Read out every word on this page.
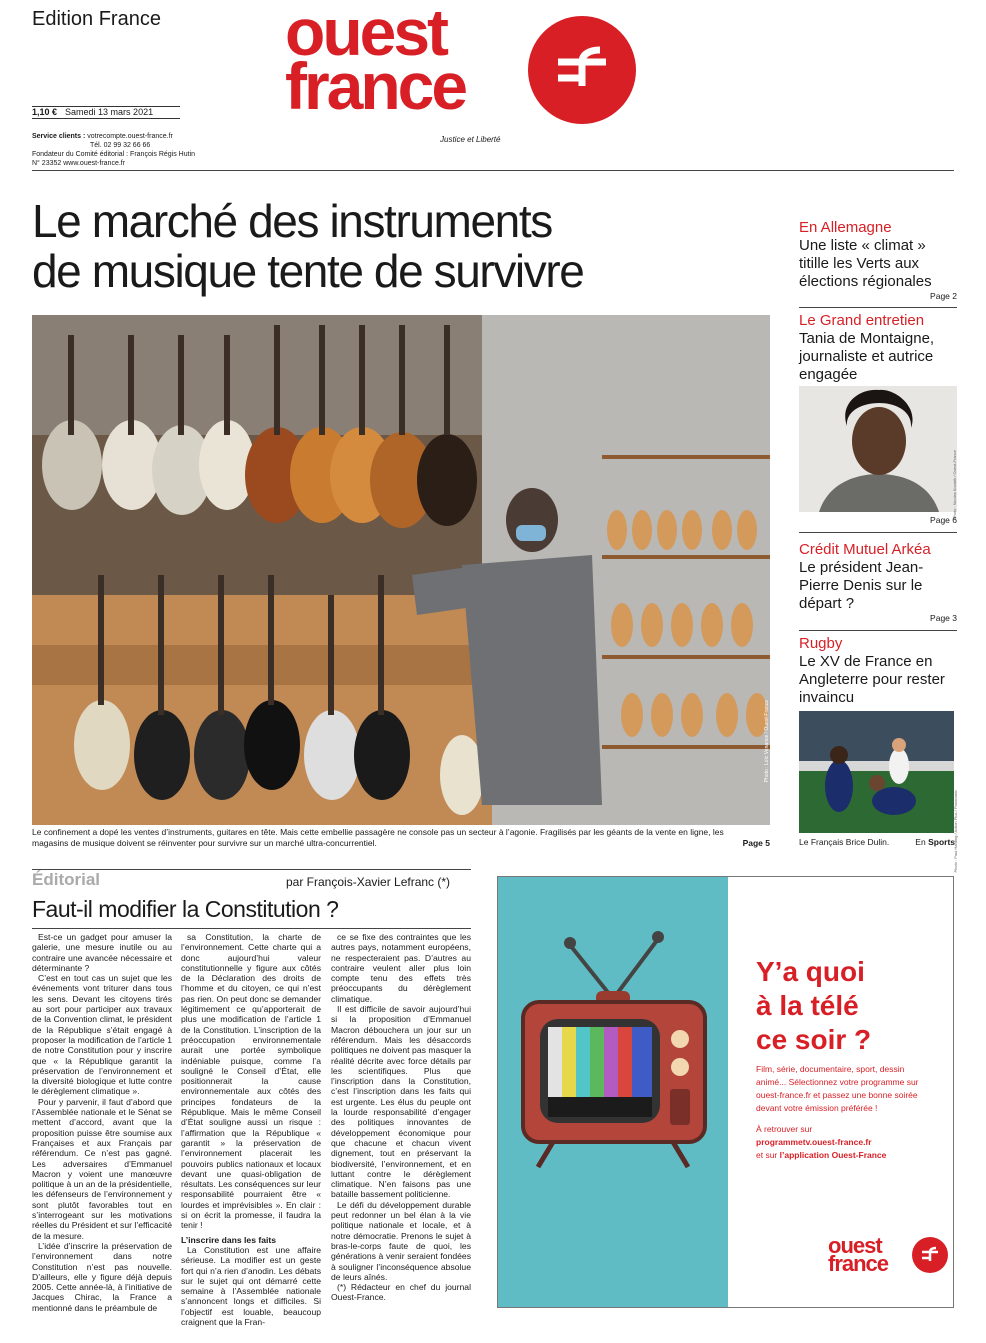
Edition France ouest
france
Justice et Liberté
1,10 € Samedi 13 mars 2021
Service clients : votrecompte.ouest-france.fr
Tél. 02 99 32 66 66
Fondateur du Comité éditorial : François Régis Hutin
N° 23352 www.ouest-france.fr
Le marché des instruments
de musique tente de survivre
Photo : Loïc Venance / Ouest-France
Le confinement a dopé les ventes d’instruments, guitares en tête. Mais cette embellie passagère ne console pas un secteur à l’agonie. Fragilisés par les géants de la vente en ligne, les magasins de musique doivent se réinventer pour survivre sur un marché ultra-concurrentiel.	Page 5
En Allemagne
Une liste « climat » titille les Verts aux élections régionales
Page 2
Le Grand entretien
Tania de Montaigne, journaliste et autrice engagée
Photo : Nicolas Kovarik / Ouest-France
Page 6
Crédit Mutuel Arkéa
Le président Jean-Pierre Denis sur le départ ?
Page 3
Rugby
Le XV de France en Angleterre pour rester invaincu
Photo : Paul Harding / Action Plus / Panoramic
Le Français Brice Dulin.	En Sports
Éditorial	par François-Xavier Lefranc (*)
Faut-il modifier la Constitution ?

Est-ce un gadget pour amuser la galerie, une mesure inutile ou au contraire une avancée nécessaire et déterminante ?

C’est en tout cas un sujet que les événements vont triturer dans tous les sens. Devant les citoyens tirés au sort pour participer aux travaux de la Convention climat, le président de la République s’était engagé à proposer la modification de l’article 1 de notre Constitution pour y inscrire que « la République garantit la préservation de l’environnement et la diversité biologique et lutte contre le dérèglement climatique ».

Pour y parvenir, il faut d’abord que l’Assemblée nationale et le Sénat se mettent d’accord, avant que la proposition puisse être soumise aux Françaises et aux Français par référendum. Ce n’est pas gagné. Les adversaires d’Emmanuel Macron y voient une manœuvre politique à un an de la présidentielle, les défenseurs de l’environnement y sont plutôt favorables tout en s’interrogeant sur les motivations réelles du Président et sur l’efficacité de la mesure.

L’idée d’inscrire la préservation de l’environnement dans notre Constitution n’est pas nouvelle. D’ailleurs, elle y figure déjà depuis 2005. Cette année-là, à l’initiative de Jacques Chirac, la France a mentionné dans le préambule de

sa Constitution, la charte de l’environnement. Cette charte qui a donc aujourd’hui valeur constitutionnelle y figure aux côtés de la Déclaration des droits de l’homme et du citoyen, ce qui n’est pas rien. On peut donc se demander légitimement ce qu’apporterait de plus une modification de l’article 1 de la Constitution. L’inscription de la préoccupation environnementale aurait une portée symbolique indéniable puisque, comme l’a souligné le Conseil d’État, elle positionnerait la cause environnementale aux côtés des principes fondateurs de la République. Mais le même Conseil d’État souligne aussi un risque : l’affirmation que la République « garantit » la préservation de l’environnement placerait les pouvoirs publics nationaux et locaux devant une quasi-obligation de résultats. Les conséquences sur leur responsabilité pourraient être « lourdes et imprévisibles ». En clair : si on écrit la promesse, il faudra la tenir !

L’inscrire dans les faits

La Constitution est une affaire sérieuse. La modifier est un geste fort qui n’a rien d’anodin. Les débats sur le sujet qui ont démarré cette semaine à l’Assemblée nationale s’annoncent longs et difficiles. Si l’objectif est louable, beaucoup craignent que la Fran-

ce se fixe des contraintes que les autres pays, notamment européens, ne respecteraient pas. D’autres au contraire veulent aller plus loin compte tenu des effets très préoccupants du dérèglement climatique.

Il est difficile de savoir aujourd’hui si la proposition d’Emmanuel Macron débouchera un jour sur un référendum. Mais les désaccords politiques ne doivent pas masquer la réalité décrite avec force détails par les scientifiques. Plus que l’inscription dans la Constitution, c’est l’inscription dans les faits qui est urgente. Les élus du peuple ont la lourde responsabilité d’engager des politiques innovantes de développement économique pour que chacune et chacun vivent dignement, tout en préservant la biodiversité, l’environnement, et en luttant contre le dérèglement climatique. N’en faisons pas une bataille bassement politicienne.

Le défi du développement durable peut redonner un bel élan à la vie politique nationale et locale, et à notre démocratie. Prenons le sujet à bras-le-corps faute de quoi, les générations à venir seraient fondées à souligner l’inconséquence absolue de leurs aînés.

(*) Rédacteur en chef du journal Ouest-France.

Y’a quoi
à la télé
ce soir ?
Film, série, documentaire, sport, dessin animé... Sélectionnez votre programme sur ouest-france.fr et passez une bonne soirée devant votre émission préférée !
À retrouver sur
programmetv.ouest-france.fr
et sur l’application Ouest-France
ouest
france
